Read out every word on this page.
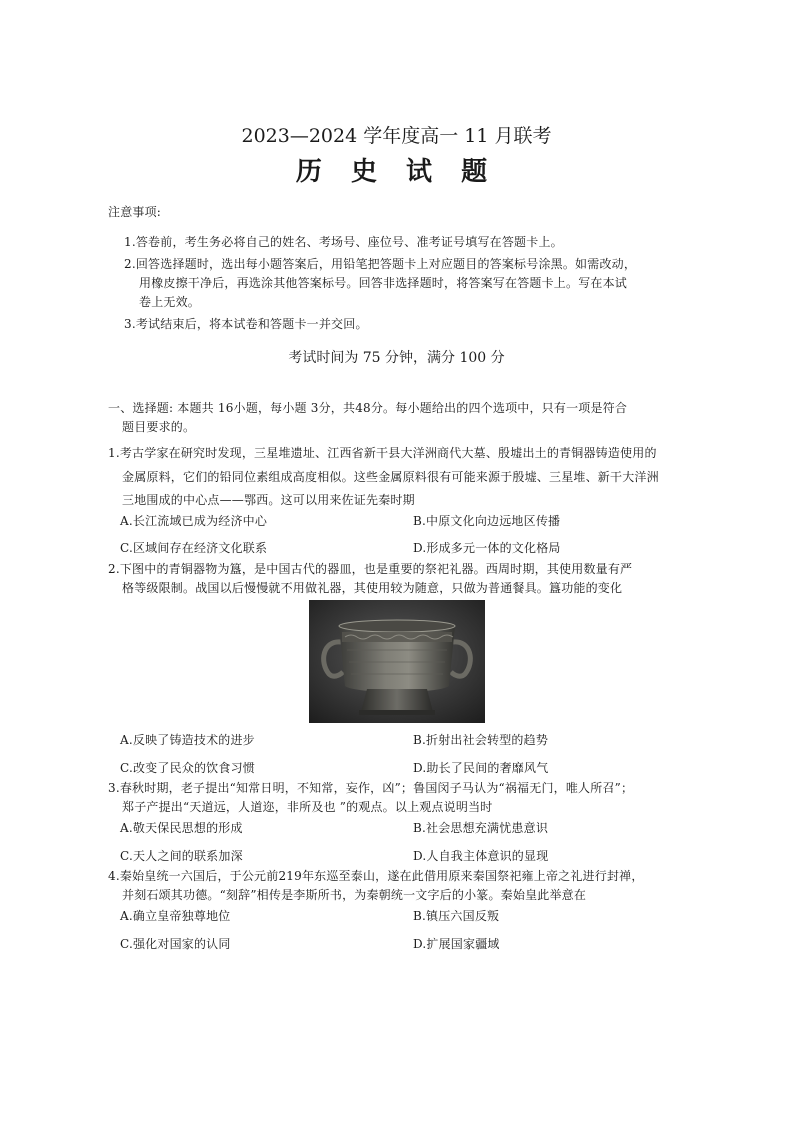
2023—2024 学年度高一 11 月联考
历 史 试 题
注意事项:
1.答卷前，考生务必将自己的姓名、考场号、座位号、准考证号填写在答题卡上。
2.回答选择题时，选出每小题答案后，用铅笔把答题卡上对应题目的答案标号涂黑。如需改动，
用橡皮擦干净后，再选涂其他答案标号。回答非选择题时，将答案写在答题卡上。写在本试
卷上无效。
3.考试结束后，将本试卷和答题卡一并交回。
考试时间为 75 分钟，满分 100 分
一、选择题: 本题共 16小题，每小题 3分，共48分。每小题给出的四个选项中，只有一项是符合
题目要求的。
1.考古学家在研究时发现，三星堆遗址、江西省新干县大洋洲商代大墓、殷墟出土的青铜器铸造使用的
金属原料，它们的铅同位素组成高度相似。这些金属原料很有可能来源于殷墟、三星堆、新干大洋洲
三地围成的中心点——鄂西。这可以用来佐证先秦时期
A.长江流域已成为经济中心	B.中原文化向边远地区传播
C.区域间存在经济文化联系	D.形成多元一体的文化格局
2.下图中的青铜器物为簋，是中国古代的器皿，也是重要的祭祀礼器。西周时期，其使用数量有严
格等级限制。战国以后慢慢就不用做礼器，其使用较为随意，只做为普通餐具。簋功能的变化
A.反映了铸造技术的进步	B.折射出社会转型的趋势
C.改变了民众的饮食习惯	D.助长了民间的奢靡风气
3.春秋时期，老子提出“知常日明，不知常，妄作，凶”；鲁国闵子马认为“祸福无门，唯人所召”；
郑子产提出“天道远，人道迩，非所及也 ”的观点。以上观点说明当时
A.敬天保民思想的形成	B.社会思想充满忧患意识
C.天人之间的联系加深	D.人自我主体意识的显现
4.秦始皇统一六国后，于公元前219年东巡至泰山，遂在此借用原来秦国祭祀雍上帝之礼进行封禅，
并刻石颂其功德。“刻辞”相传是李斯所书，为秦朝统一文字后的小篆。秦始皇此举意在
A.确立皇帝独尊地位	B.镇压六国反叛
C.强化对国家的认同	D.扩展国家疆域
